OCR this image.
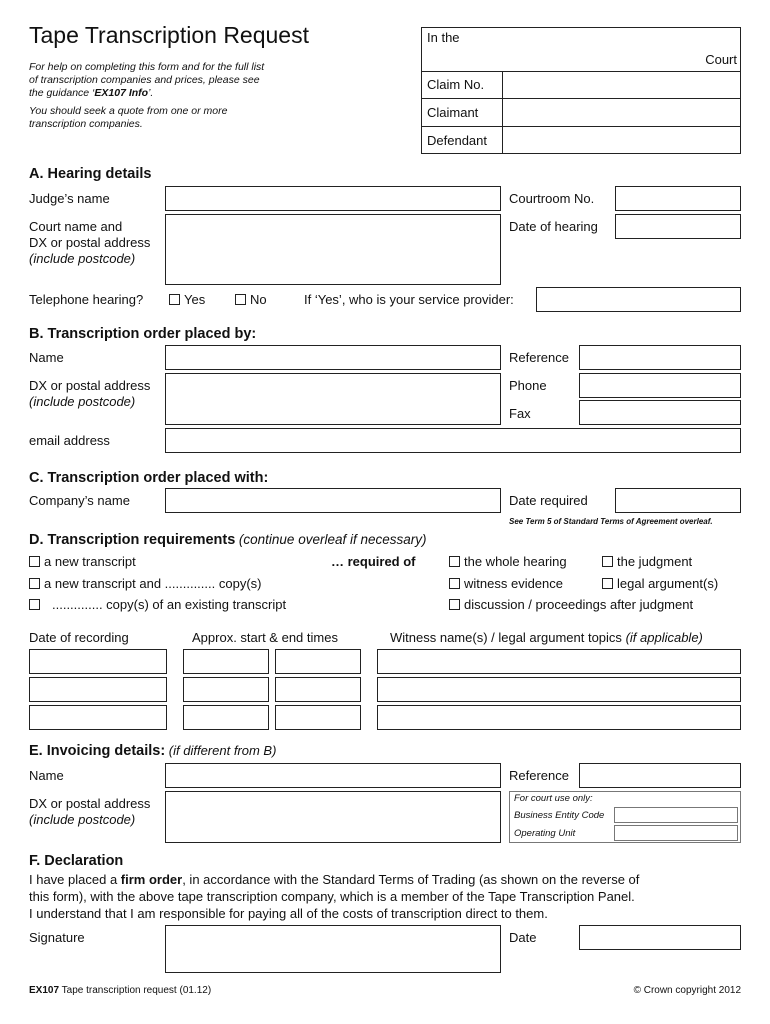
Tape Transcription Request
For help on completing this form and for the full list
of transcription companies and prices, please see
the guidance ‘EX107 Info’.
You should seek a quote from one or more
transcription companies.
In the
Court
Claim No.
Claimant
Defendant
A. Hearing details
Judge’s name	Courtroom No.
Court name and
DX or postal address
(include postcode)
Date of hearing
Telephone hearing?	Yes	No	If ‘Yes’, who is your service provider:
B. Transcription order placed by:
Name	Reference
DX or postal address
(include postcode)
Phone
Fax
email address
C. Transcription order placed with:
Company’s name	Date required
See Term 5 of Standard Terms of Agreement overleaf.
D. Transcription requirements (continue overleaf if necessary)
a new transcript	… required of
a new transcript and .............. copy(s)
.............. copy(s) of an existing transcript
the whole hearing	the judgment
witness evidence	legal argument(s)
discussion / proceedings after judgment
Date of recording	Approx. start & end times	Witness name(s) / legal argument topics (if applicable)
E. Invoicing details: (if different from B)
Name	Reference
DX or postal address
(include postcode)
For court use only:
Business Entity Code
Operating Unit
F. Declaration
I have placed a firm order, in accordance with the Standard Terms of Trading (as shown on the reverse of
this form), with the above tape transcription company, which is a member of the Tape Transcription Panel.
I understand that I am responsible for paying all of the costs of transcription direct to them.
Signature	Date
EX107 Tape transcription request (01.12)	© Crown copyright 2012
